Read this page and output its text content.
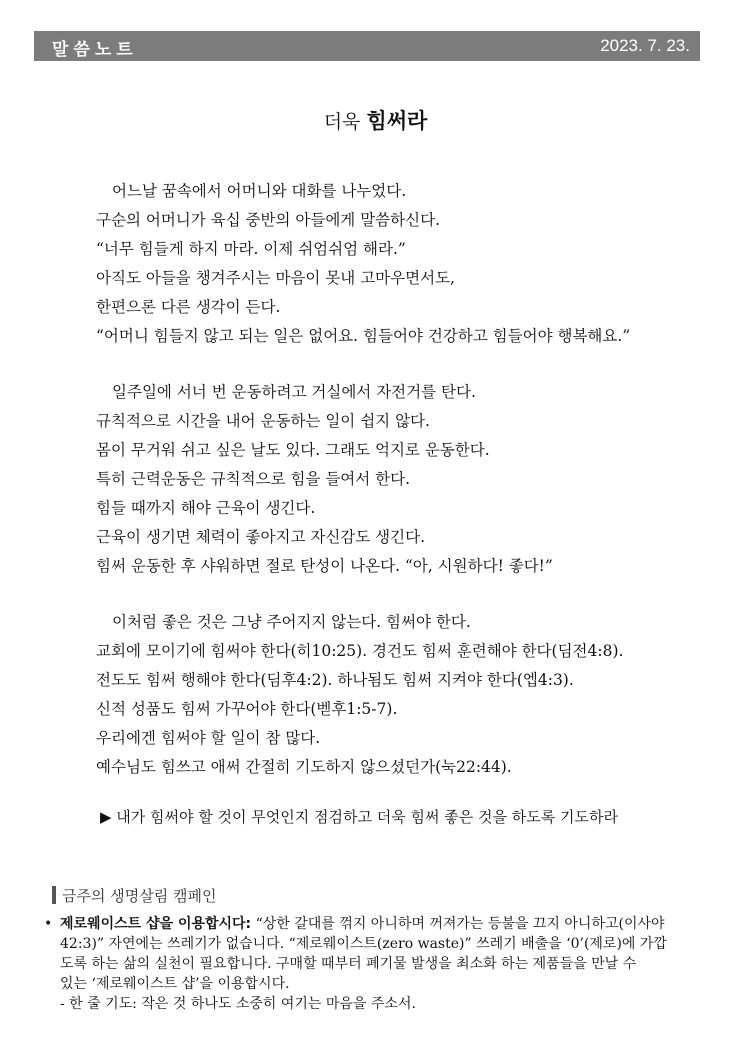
말씀노트	2023. 7. 23.
더욱 힘써라
어느날 꿈속에서 어머니와 대화를 나누었다.
구순의 어머니가 육십 중반의 아들에게 말씀하신다.
“너무 힘들게 하지 마라. 이제 쉬엄쉬엄 해라.”
아직도 아들을 챙겨주시는 마음이 못내 고마우면서도,
한편으론 다른 생각이 든다.
“어머니 힘들지 않고 되는 일은 없어요. 힘들어야 건강하고 힘들어야 행복해요.”
일주일에 서너 번 운동하려고 거실에서 자전거를 탄다.
규칙적으로 시간을 내어 운동하는 일이 쉽지 않다.
몸이 무거워 쉬고 싶은 날도 있다. 그래도 억지로 운동한다.
특히 근력운동은 규칙적으로 힘을 들여서 한다.
힘들 때까지 해야 근육이 생긴다.
근육이 생기면 체력이 좋아지고 자신감도 생긴다.
힘써 운동한 후 샤워하면 절로 탄성이 나온다. “아, 시원하다! 좋다!”
이처럼 좋은 것은 그냥 주어지지 않는다. 힘써야 한다.
교회에 모이기에 힘써야 한다(히10:25). 경건도 힘써 훈련해야 한다(딤전4:8).
전도도 힘써 행해야 한다(딤후4:2). 하나됨도 힘써 지켜야 한다(엡4:3).
신적 성품도 힘써 가꾸어야 한다(벧후1:5-7).
우리에겐 힘써야 할 일이 참 많다.
예수님도 힘쓰고 애써 간절히 기도하지 않으셨던가(눅22:44).
▶ 내가 힘써야 할 것이 무엇인지 점검하고 더욱 힘써 좋은 것을 하도록 기도하라
금주의 생명살림 캠페인
• 제로웨이스트 샵을 이용합시다: “상한 갈대를 꺾지 아니하며 꺼져가는 등불을 끄지 아니하고(이사야
42:3)” 자연에는 쓰레기가 없습니다. “제로웨이스트(zero waste)” 쓰레기 배출을 ‘0’(제로)에 가깝
도록 하는 삶의 실천이 필요합니다. 구매할 때부터 폐기물 발생을 최소화 하는 제품들을 만날 수
있는 ‘제로웨이스트 샵’을 이용합시다.
- 한 줄 기도: 작은 것 하나도 소중히 여기는 마음을 주소서.
